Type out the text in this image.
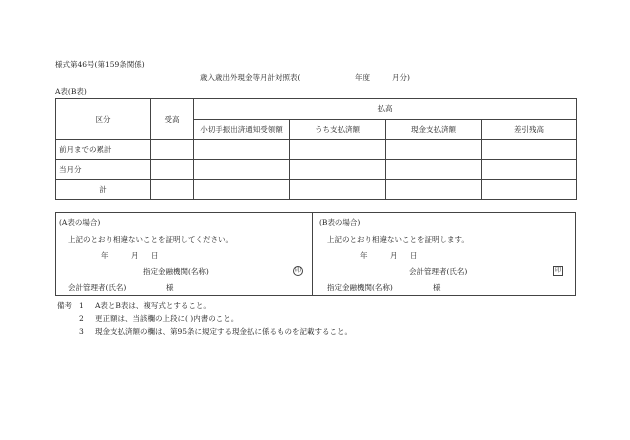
様式第46号(第159条関係)
歳入歳出外現金等月計対照表(	年度	月分)
A表(B表)
区分	受高	払高			
		小切手振出済通知受領額	うち支払済額	現金支払済額	差引残高
前月までの累計					
当月分					
計					
(A表の場合)
上記のとおり相違ないことを証明してください。
年	月 日
指定金融機関(名称)	印
会計管理者(氏名)	様
(B表の場合)
上記のとおり相違ないことを証明します。
年	月 日
会計管理者(氏名)	印
指定金融機関(名称)	様
備考 1	A表とB表は、複写式とすること。
2	更正額は、当該欄の上段に( )内書のこと。
3	現金支払済額の欄は、第95条に規定する現金払に係るものを記載すること。
